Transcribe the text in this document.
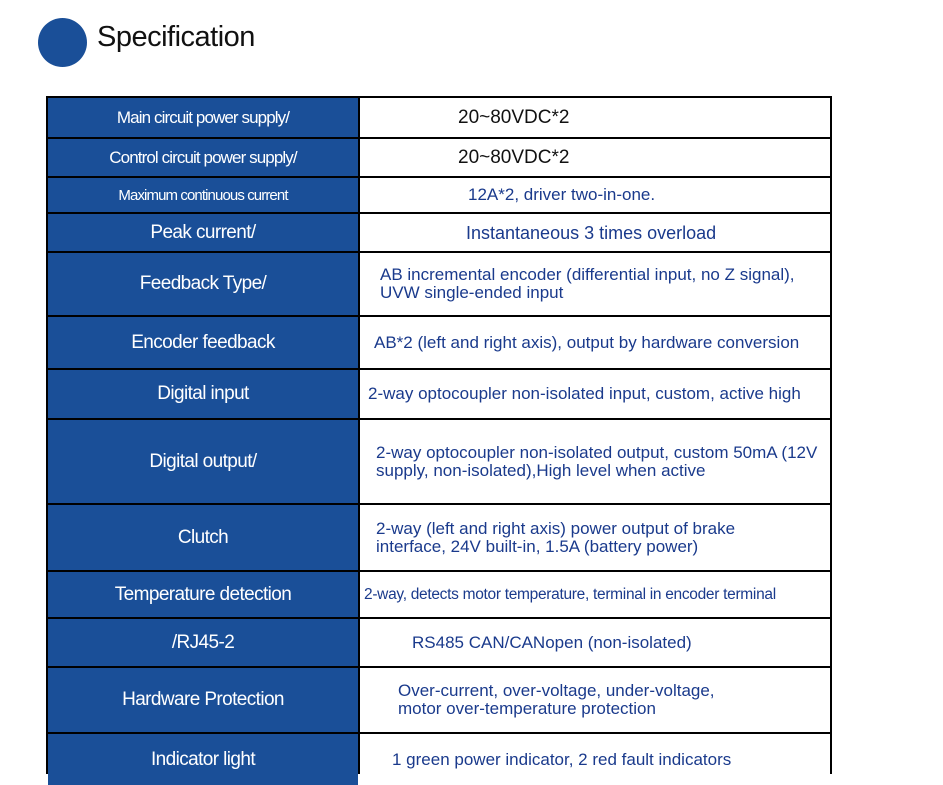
Specification
Main circuit power supply/	20~80VDC*2
Control circuit power supply/	20~80VDC*2
Maximum continuous current	12A*2, driver two-in-one.
Peak current/	Instantaneous 3 times overload
Feedback Type/	AB incremental encoder (differential input, no Z signal), UVW single-ended input
Encoder feedback	AB*2 (left and right axis), output by hardware conversion
Digital input	2-way optocoupler non-isolated input, custom, active high
Digital output/	2-way optocoupler non-isolated output, custom 50mA (12V supply, non-isolated),High level when active
Clutch	2-way (left and right axis) power output of brake interface, 24V built-in, 1.5A (battery power)
Temperature detection	2-way, detects motor temperature, terminal in encoder terminal
/RJ45-2	RS485 CAN/CANopen (non-isolated)
Hardware Protection	Over-current, over-voltage, under-voltage, motor over-temperature protection
Indicator light	1 green power indicator, 2 red fault indicators
